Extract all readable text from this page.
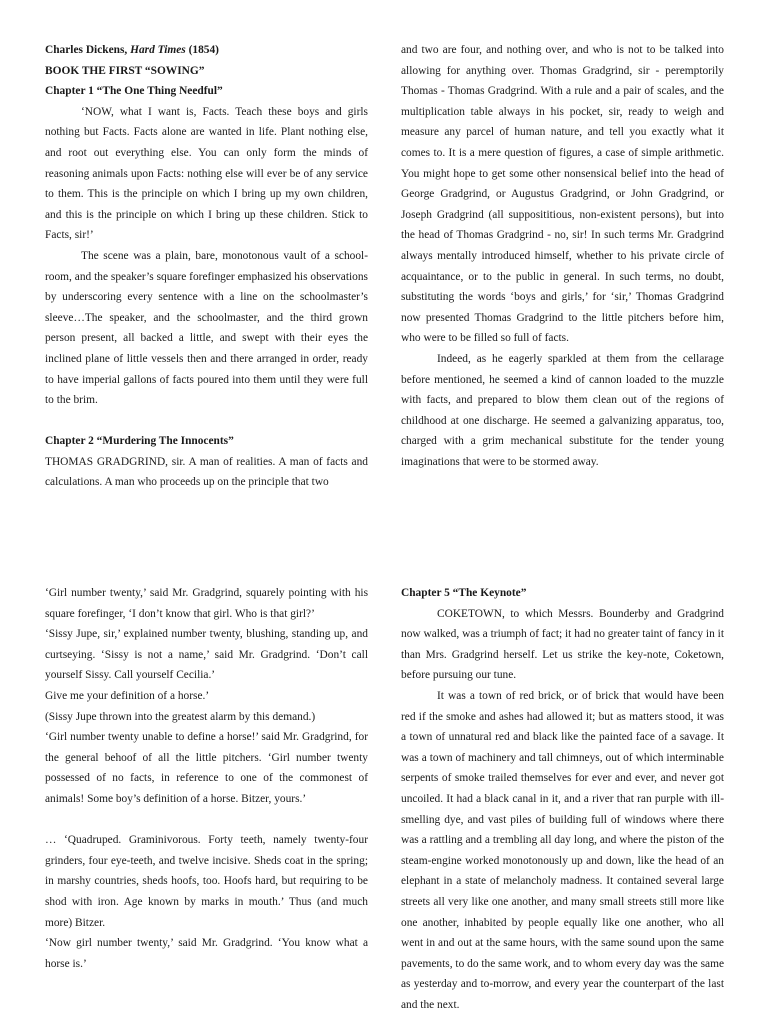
Charles Dickens, Hard Times (1854)

BOOK THE FIRST “SOWING”

Chapter 1 “The One Thing Needful”

‘NOW, what I want is, Facts. Teach these boys and girls nothing but Facts. Facts alone are wanted in life. Plant nothing else, and root out everything else. You can only form the minds of reasoning animals upon Facts: nothing else will ever be of any service to them. This is the principle on which I bring up my own children, and this is the principle on which I bring up these children. Stick to Facts, sir!’

The scene was a plain, bare, monotonous vault of a school-room, and the speaker’s square forefinger emphasized his observations by underscoring every sentence with a line on the schoolmaster’s sleeve…The speaker, and the schoolmaster, and the third grown person present, all backed a little, and swept with their eyes the inclined plane of little vessels then and there arranged in order, ready to have imperial gallons of facts poured into them until they were full to the brim.

Chapter 2 “Murdering The Innocents”

THOMAS GRADGRIND, sir. A man of realities. A man of facts and calculations. A man who proceeds up on the principle that two

and two are four, and nothing over, and who is not to be talked into allowing for anything over. Thomas Gradgrind, sir - peremptorily Thomas - Thomas Gradgrind. With a rule and a pair of scales, and the multiplication table always in his pocket, sir, ready to weigh and measure any parcel of human nature, and tell you exactly what it comes to. It is a mere question of figures, a case of simple arithmetic. You might hope to get some other nonsensical belief into the head of George Gradgrind, or Augustus Gradgrind, or John Gradgrind, or Joseph Gradgrind (all supposititious, non-existent persons), but into the head of Thomas Gradgrind - no, sir! In such terms Mr. Gradgrind always mentally introduced himself, whether to his private circle of acquaintance, or to the public in general. In such terms, no doubt, substituting the words ‘boys and girls,’ for ‘sir,’ Thomas Gradgrind now presented Thomas Gradgrind to the little pitchers before him, who were to be filled so full of facts.

Indeed, as he eagerly sparkled at them from the cellarage before mentioned, he seemed a kind of cannon loaded to the muzzle with facts, and prepared to blow them clean out of the regions of childhood at one discharge. He seemed a galvanizing apparatus, too, charged with a grim mechanical substitute for the tender young imaginations that were to be stormed away.

‘Girl number twenty,’ said Mr. Gradgrind, squarely pointing with his square forefinger, ‘I don’t know that girl. Who is that girl?’

‘Sissy Jupe, sir,’ explained number twenty, blushing, standing up, and curtseying. ‘Sissy is not a name,’ said Mr. Gradgrind. ‘Don’t call yourself Sissy. Call yourself Cecilia.’

Give me your definition of a horse.’

(Sissy Jupe thrown into the greatest alarm by this demand.)

‘Girl number twenty unable to define a horse!’ said Mr. Gradgrind, for the general behoof of all the little pitchers. ‘Girl number twenty possessed of no facts, in reference to one of the commonest of animals! Some boy’s definition of a horse. Bitzer, yours.’

… ‘Quadruped. Graminivorous. Forty teeth, namely twenty-four grinders, four eye-teeth, and twelve incisive. Sheds coat in the spring; in marshy countries, sheds hoofs, too. Hoofs hard, but requiring to be shod with iron. Age known by marks in mouth.’ Thus (and much more) Bitzer.

‘Now girl number twenty,’ said Mr. Gradgrind. ‘You know what a horse is.’

Chapter 5 “The Keynote”

COKETOWN, to which Messrs. Bounderby and Gradgrind now walked, was a triumph of fact; it had no greater taint of fancy in it than Mrs. Gradgrind herself. Let us strike the key-note, Coketown, before pursuing our tune.

It was a town of red brick, or of brick that would have been red if the smoke and ashes had allowed it; but as matters stood, it was a town of unnatural red and black like the painted face of a savage. It was a town of machinery and tall chimneys, out of which interminable serpents of smoke trailed themselves for ever and ever, and never got uncoiled. It had a black canal in it, and a river that ran purple with ill-smelling dye, and vast piles of building full of windows where there was a rattling and a trembling all day long, and where the piston of the steam-engine worked monotonously up and down, like the head of an elephant in a state of melancholy madness. It contained several large streets all very like one another, and many small streets still more like one another, inhabited by people equally like one another, who all went in and out at the same hours, with the same sound upon the same pavements, to do the same work, and to whom every day was the same as yesterday and to-morrow, and every year the counterpart of the last and the next.
